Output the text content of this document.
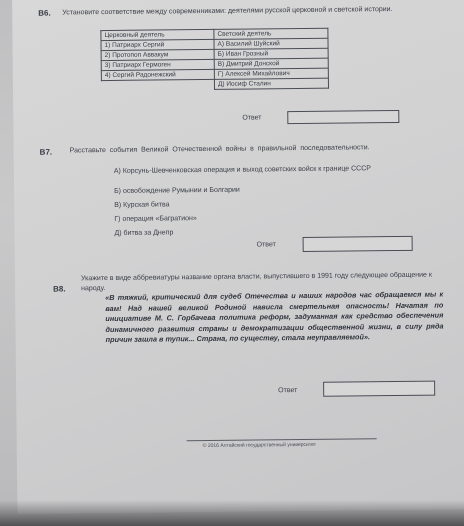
В6. Установите соответствие между современниками: деятелями русской церковной и светской истории.
Церковный деятель	Светский деятель
1) Патриарх Сергий	А) Василий Шуйский
2) Протопоп Аввакум	Б) Иван Грозный
3) Патриарх Гермоген	В) Дмитрий Донской
4) Сергий Радонежский	Г) Алексей Михайлович
	Д) Иосиф Сталин
Ответ
В7. Расставьте события Великой Отечественной войны в правильной последовательности.
А) Корсунь-Шевченковская операция и выход советских войск к границе СССР
Б) освобождение Румынии и Болгарии
В) Курская битва
Г) операция «Багратион»
Д) битва за Днепр
Ответ
В8.
Укажите в виде аббревиатуры название органа власти, выпустившего в 1991 году следующее обращение к народу.
«В тяжкий, критический для судеб Отечества и наших народов час обращаемся мы к вам! Над нашей великой Родиной нависла смертельная опасность! Начатая по инициативе М. С. Горбачева политика реформ, задуманная как средство обеспечения динамичного развития страны и демократизации общественной жизни, в силу ряда причин зашла в тупик... Страна, по существу, стала неуправляемой».
Ответ
© 2016 Алтайский государственный университет
